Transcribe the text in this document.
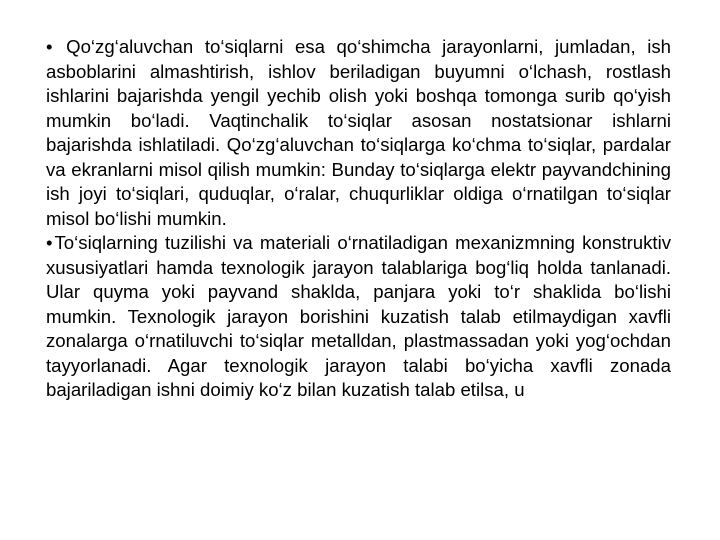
• Qo‘zg‘aluvchan to‘siqlarni esa qo‘shimcha jarayonlarni, jumladan, ish asboblarini almashtirish, ishlov beriladigan buyumni o‘lchash, rostlash ishlarini bajarishda yengil yechib olish yoki boshqa tomonga surib qo‘yish mumkin bo‘ladi. Vaqtinchalik to‘siqlar asosan nostatsionar ishlarni bajarishda ishlatiladi. Qo‘zg‘aluvchan to‘siqlarga ko‘chma to‘siqlar, pardalar va ekranlarni misol qilish mumkin: Bunday to‘siqlarga elektr payvandchining ish joyi to‘siqlari, quduqlar, o‘ralar, chuqurliklar oldiga o‘rnatilgan to‘siqlar misol bo‘lishi mumkin.

• To‘siqlarning tuzilishi va materiali o‘rnatiladigan mexanizmning konstruktiv xususiyatlari hamda texnologik jarayon talablariga bog‘liq holda tanlanadi. Ular quyma yoki payvand shaklda, panjara yoki to‘r shaklida bo‘lishi mumkin. Texnologik jarayon borishini kuzatish talab etilmaydigan xavfli zonalarga o‘rnatiluvchi to‘siqlar metalldan, plastmassadan yoki yog‘ochdan tayyorlanadi. Agar texnologik jarayon talabi bo‘yicha xavfli zonada bajariladigan ishni doimiy ko‘z bilan kuzatish talab etilsa, u
